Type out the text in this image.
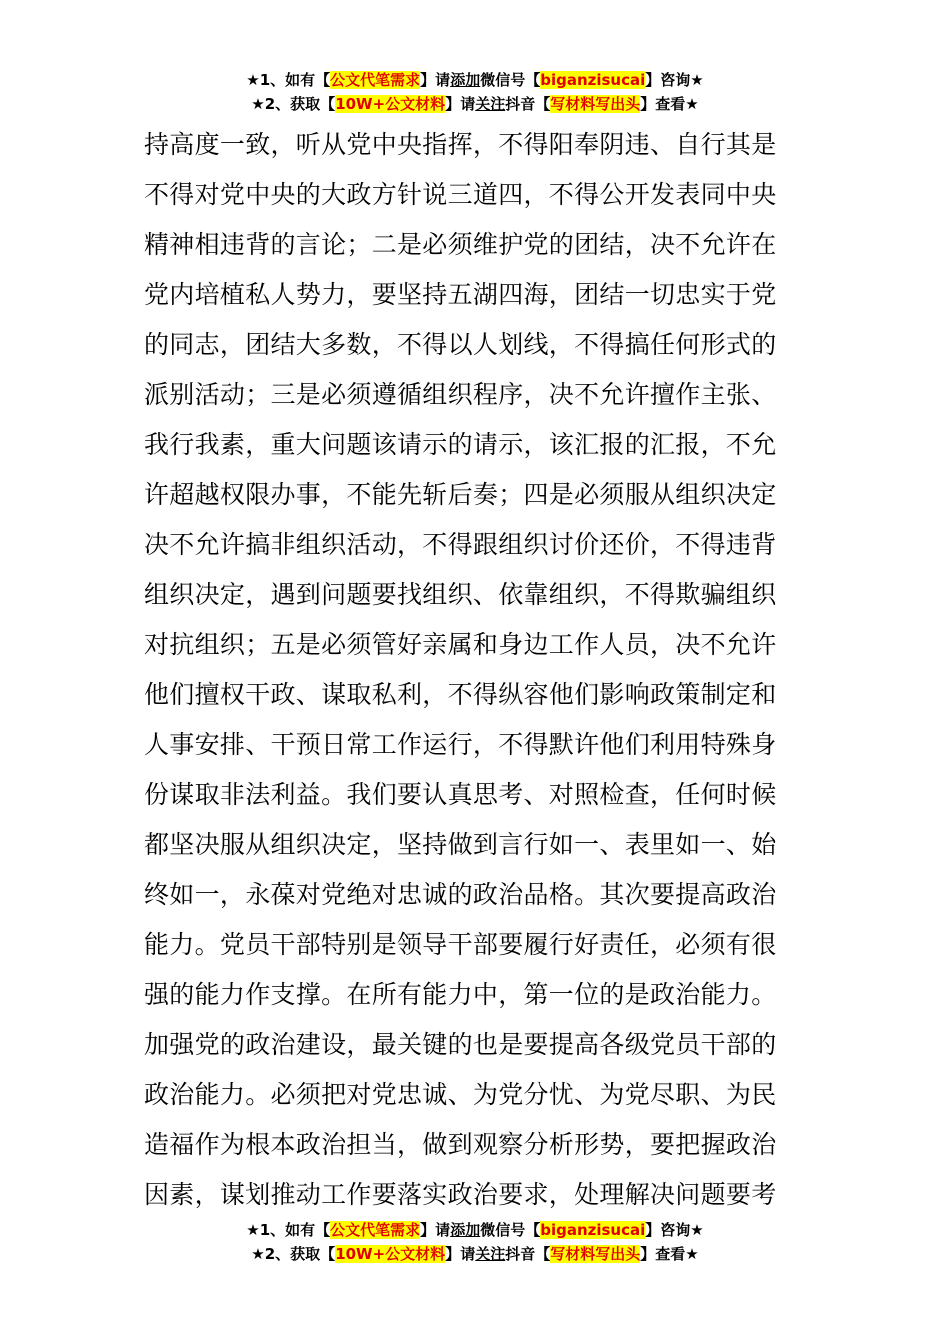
★1、如有【公文代笔需求】请添加微信号【biganzisucai】咨询★
★2、获取【10W+公文材料】请关注抖音【写材料写出头】查看★
持高度一致，听从党中央指挥，不得阳奉阴违、自行其是
不得对党中央的大政方针说三道四，不得公开发表同中央
精神相违背的言论；二是必须维护党的团结，决不允许在
党内培植私人势力，要坚持五湖四海，团结一切忠实于党
的同志，团结大多数，不得以人划线，不得搞任何形式的
派别活动；三是必须遵循组织程序，决不允许擅作主张、
我行我素，重大问题该请示的请示，该汇报的汇报，不允
许超越权限办事，不能先斩后奏；四是必须服从组织决定
决不允许搞非组织活动，不得跟组织讨价还价，不得违背
组织决定，遇到问题要找组织、依靠组织，不得欺骗组织
对抗组织；五是必须管好亲属和身边工作人员，决不允许
他们擅权干政、谋取私利，不得纵容他们影响政策制定和
人事安排、干预日常工作运行，不得默许他们利用特殊身
份谋取非法利益。我们要认真思考、对照检查，任何时候
都坚决服从组织决定，坚持做到言行如一、表里如一、始
终如一，永葆对党绝对忠诚的政治品格。其次要提高政治
能力。党员干部特别是领导干部要履行好责任，必须有很
强的能力作支撑。在所有能力中，第一位的是政治能力。
加强党的政治建设，最关键的也是要提高各级党员干部的
政治能力。必须把对党忠诚、为党分忧、为党尽职、为民
造福作为根本政治担当，做到观察分析形势，要把握政治
因素，谋划推动工作要落实政治要求，处理解决问题要考
★1、如有【公文代笔需求】请添加微信号【biganzisucai】咨询★
★2、获取【10W+公文材料】请关注抖音【写材料写出头】查看★
